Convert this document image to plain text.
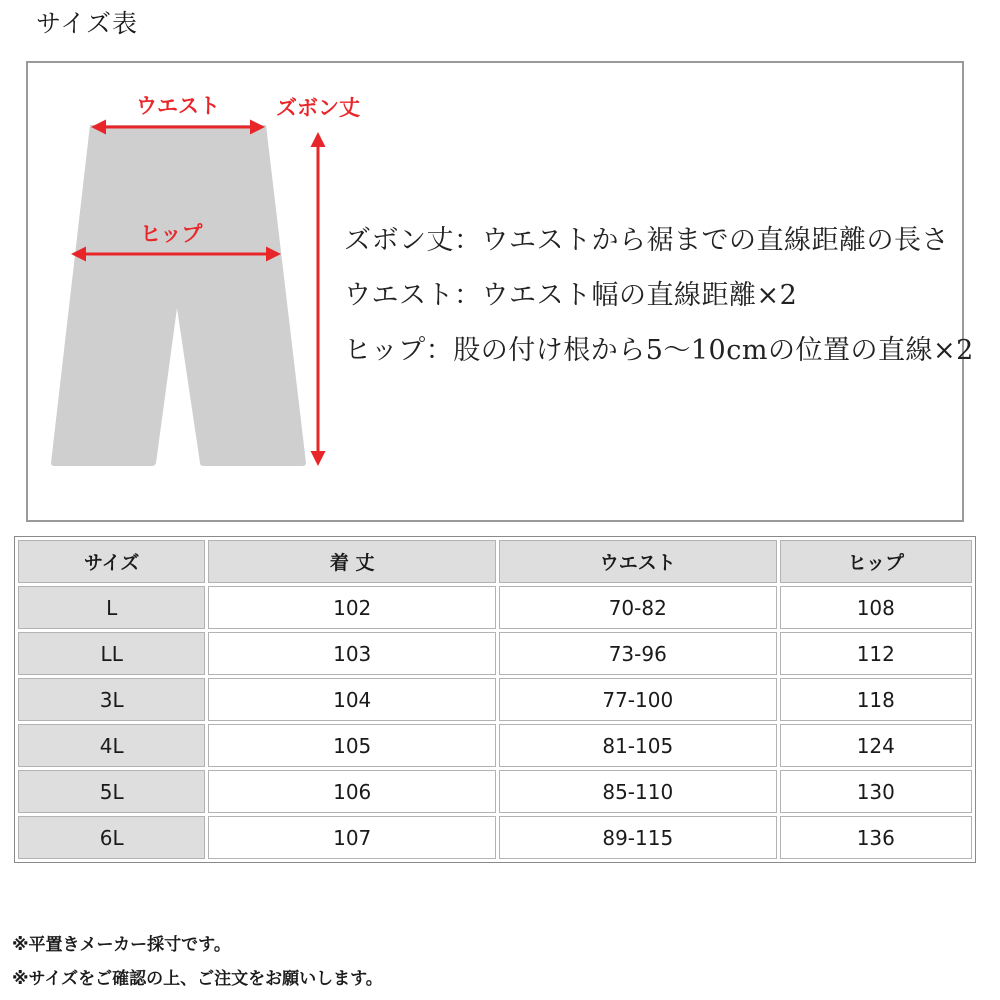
サイズ表
ウエスト	ズボン丈
ヒップ	ズボン丈：ウエストから裾までの直線距離の長さ
ウエスト：ウエスト幅の直線距離×2
ヒップ：股の付け根から5～10cmの位置の直線×2
サイズ	着 丈	ウエスト	ヒップ
L	102	70-82	108
LL	103	73-96	112
3L	104	77-100	118
4L	105	81-105	124
5L	106	85-110	130
6L	107	89-115	136
※平置きメーカー採寸です。
※サイズをご確認の上、ご注文をお願いします。
